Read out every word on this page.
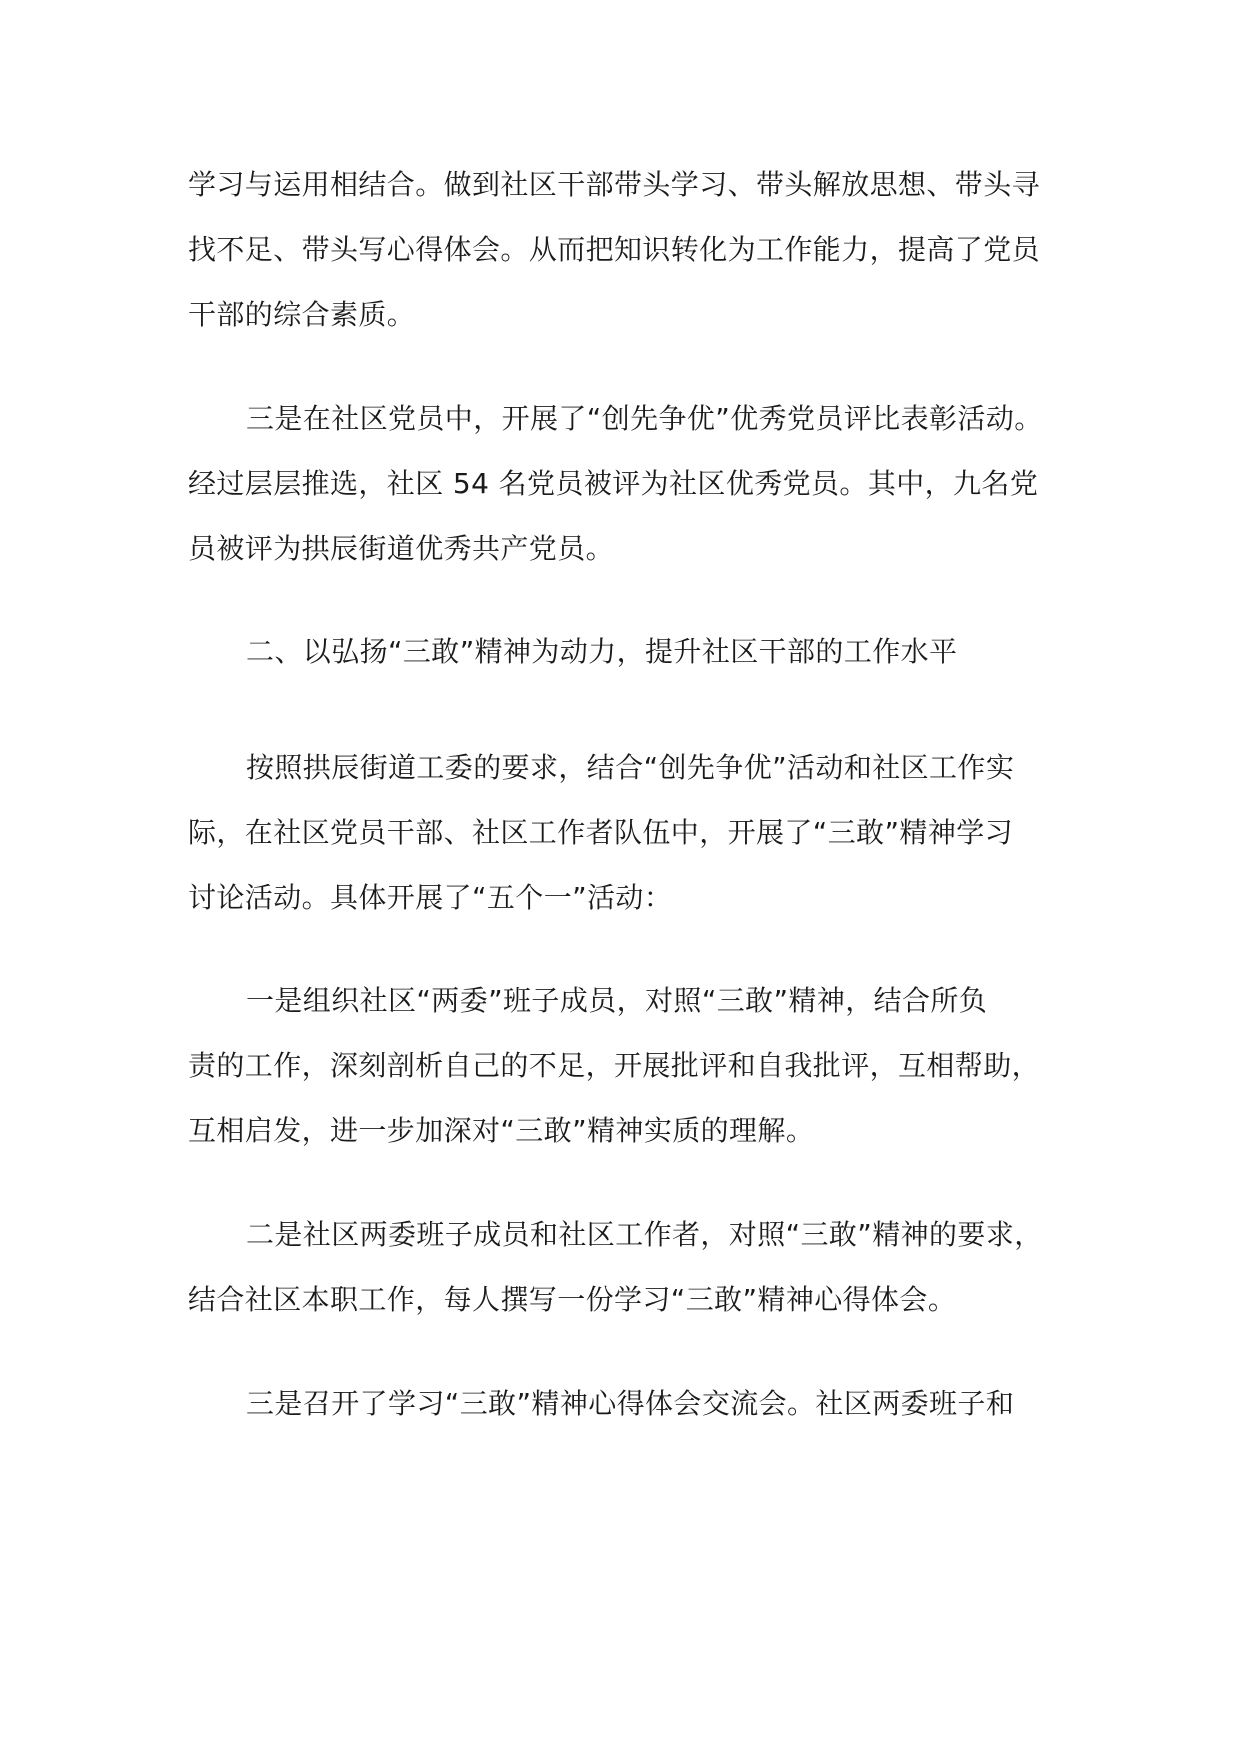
学习与运用相结合。做到社区干部带头学习、带头解放思想、带头寻
找不足、带头写心得体会。从而把知识转化为工作能力，提高了党员
干部的综合素质。

三是在社区党员中，开展了“创先争优”优秀党员评比表彰活动。
经过层层推选，社区 54 名党员被评为社区优秀党员。其中，九名党
员被评为拱辰街道优秀共产党员。

二、以弘扬“三敢”精神为动力，提升社区干部的工作水平

按照拱辰街道工委的要求，结合“创先争优”活动和社区工作实
际，在社区党员干部、社区工作者队伍中，开展了“三敢”精神学习
讨论活动。具体开展了“五个一”活动：

一是组织社区“两委”班子成员，对照“三敢”精神，结合所负
责的工作，深刻剖析自己的不足，开展批评和自我批评，互相帮助，
互相启发，进一步加深对“三敢”精神实质的理解。

二是社区两委班子成员和社区工作者，对照“三敢”精神的要求，
结合社区本职工作，每人撰写一份学习“三敢”精神心得体会。

三是召开了学习“三敢”精神心得体会交流会。社区两委班子和
